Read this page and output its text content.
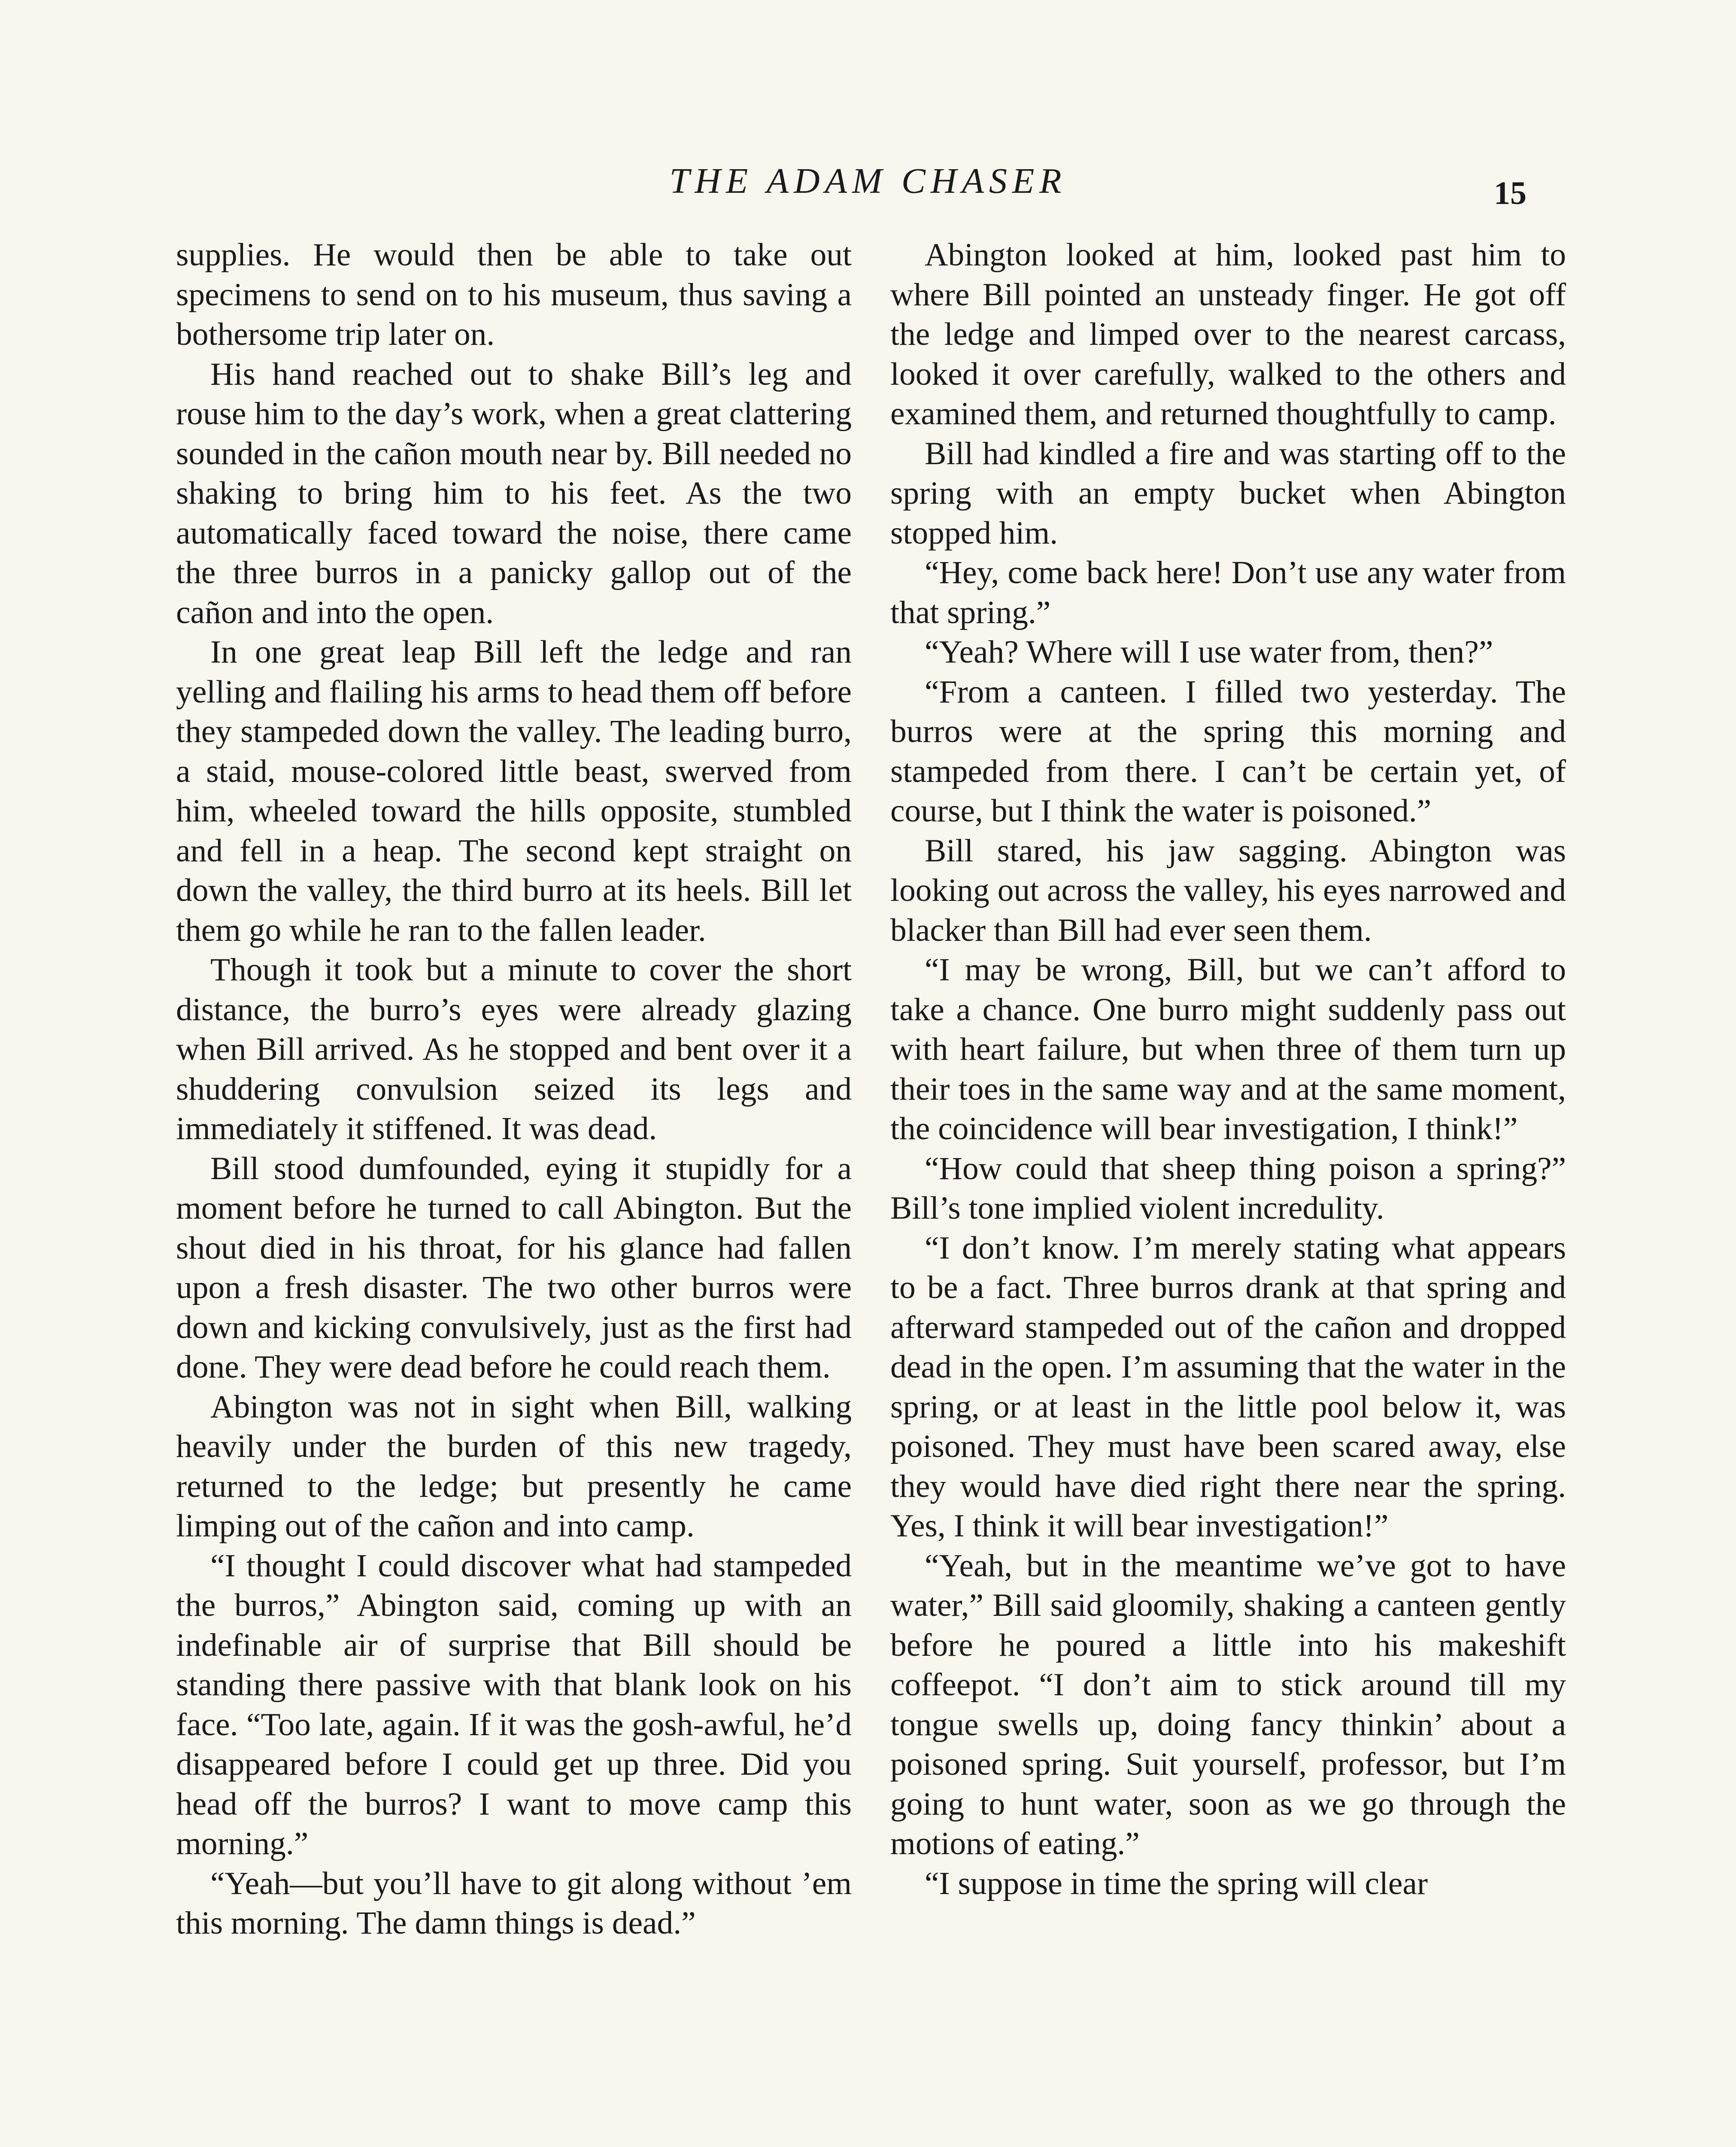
THE ADAM CHASER	15

supplies. He would then be able to take out specimens to send on to his museum, thus saving a bothersome trip later on.

His hand reached out to shake Bill’s leg and rouse him to the day’s work, when a great clattering sounded in the cañon mouth near by. Bill needed no shaking to bring him to his feet. As the two automatically faced toward the noise, there came the three burros in a panicky gallop out of the cañon and into the open.

In one great leap Bill left the ledge and ran yelling and flailing his arms to head them off before they stampeded down the valley. The leading burro, a staid, mouse-colored little beast, swerved from him, wheeled toward the hills opposite, stumbled and fell in a heap. The second kept straight on down the valley, the third burro at its heels. Bill let them go while he ran to the fallen leader.

Though it took but a minute to cover the short distance, the burro’s eyes were already glazing when Bill arrived. As he stopped and bent over it a shuddering convulsion seized its legs and immediately it stiffened. It was dead.

Bill stood dumfounded, eying it stupidly for a moment before he turned to call Abington. But the shout died in his throat, for his glance had fallen upon a fresh disaster. The two other burros were down and kicking convulsively, just as the first had done. They were dead before he could reach them.

Abington was not in sight when Bill, walking heavily under the burden of this new tragedy, returned to the ledge; but presently he came limping out of the cañon and into camp.

“I thought I could discover what had stampeded the burros,” Abington said, coming up with an indefinable air of surprise that Bill should be standing there passive with that blank look on his face. “Too late, again. If it was the gosh-awful, he’d disappeared before I could get up three. Did you head off the burros? I want to move camp this morning.”

“Yeah—but you’ll have to git along without ’em this morning. The damn things is dead.”

Abington looked at him, looked past him to where Bill pointed an unsteady finger. He got off the ledge and limped over to the nearest carcass, looked it over carefully, walked to the others and examined them, and returned thoughtfully to camp.

Bill had kindled a fire and was starting off to the spring with an empty bucket when Abington stopped him.

“Hey, come back here! Don’t use any water from that spring.”

“Yeah? Where will I use water from, then?”

“From a canteen. I filled two yesterday. The burros were at the spring this morning and stampeded from there. I can’t be certain yet, of course, but I think the water is poisoned.”

Bill stared, his jaw sagging. Abington was looking out across the valley, his eyes narrowed and blacker than Bill had ever seen them.

“I may be wrong, Bill, but we can’t afford to take a chance. One burro might suddenly pass out with heart failure, but when three of them turn up their toes in the same way and at the same moment, the coincidence will bear investigation, I think!”

“How could that sheep thing poison a spring?” Bill’s tone implied violent incredulity.

“I don’t know. I’m merely stating what appears to be a fact. Three burros drank at that spring and afterward stampeded out of the cañon and dropped dead in the open. I’m assuming that the water in the spring, or at least in the little pool below it, was poisoned. They must have been scared away, else they would have died right there near the spring. Yes, I think it will bear investigation!”

“Yeah, but in the meantime we’ve got to have water,” Bill said gloomily, shaking a canteen gently before he poured a little into his makeshift coffeepot. “I don’t aim to stick around till my tongue swells up, doing fancy thinkin’ about a poisoned spring. Suit yourself, professor, but I’m going to hunt water, soon as we go through the motions of eating.”

“I suppose in time the spring will clear
